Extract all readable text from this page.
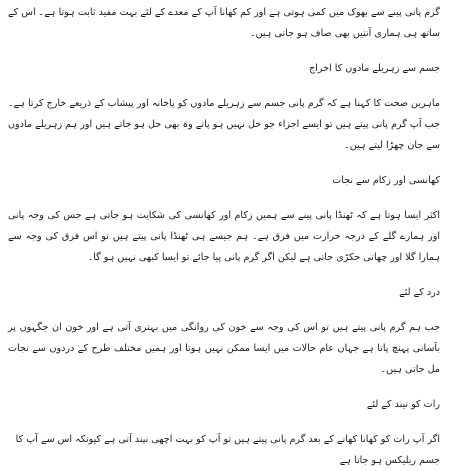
گرم پانی پینے سے بھوک میں کمی ہوتی ہے اور کم کھانا آپ کے معدے کے لئے بہت مفید ثابت ہوتا ہے۔ اس کے ساتھ ہی ہماری آنتیں بھی صاف ہو جاتی ہیں۔

جسم سے زہریلے مادوں کا اخراج

ماہرین صحت کا کہنا ہے کہ گرم پانی جسم سے زہریلے مادوں کو پاخانہ اور پیشاب کے ذریعے خارج کرتا ہے۔ جب آپ گرم پانی پیتے ہیں تو ایسے اجزاء جو حل نہیں ہو پاتے وہ بھی حل ہو جاتے ہیں اور ہم زہریلے مادوں سے جان چھڑا لیتے ہیں۔

کھانسی اور زکام سے نجات

اکثر ایسا ہوتا ہے کہ ٹھنڈا پانی پینے سے ہمیں زکام اور کھانسی کی شکایت ہو جاتی ہے جس کی وجہ پانی اور ہمارے گلے کے درجہ حرارت میں فرق ہے۔ ہم جیسے ہی ٹھنڈا پانی پیتے ہیں تو اس فرق کی وجہ سے ہمارا گلا اور چھاتی جکڑی جاتی ہے لیکن اگر گرم پانی پیا جائے تو ایسا کبھی نہیں ہو گا۔

درد کے لئے

جب ہم گرم پانی پیتے ہیں تو اس کی وجہ سے خون کی روانگی میں بہتری آتی ہے اور خون ان جگہوں پر بآسانی پہنچ پاتا ہے جہاں عام حالات میں ایسا ممکن نہیں ہوتا اور ہمیں مختلف طرح کے دردوں سے نجات مل جاتی ہیں۔

رات کو نیند کے لئے

اگر آپ رات کو کھانا کھانے کے بعد گرم پانی پیتے ہیں تو آپ کو بہت اچھی نیند آتی ہے کیونکہ اس سے آپ کا جسم ریلیکس ہو جاتا ہے
